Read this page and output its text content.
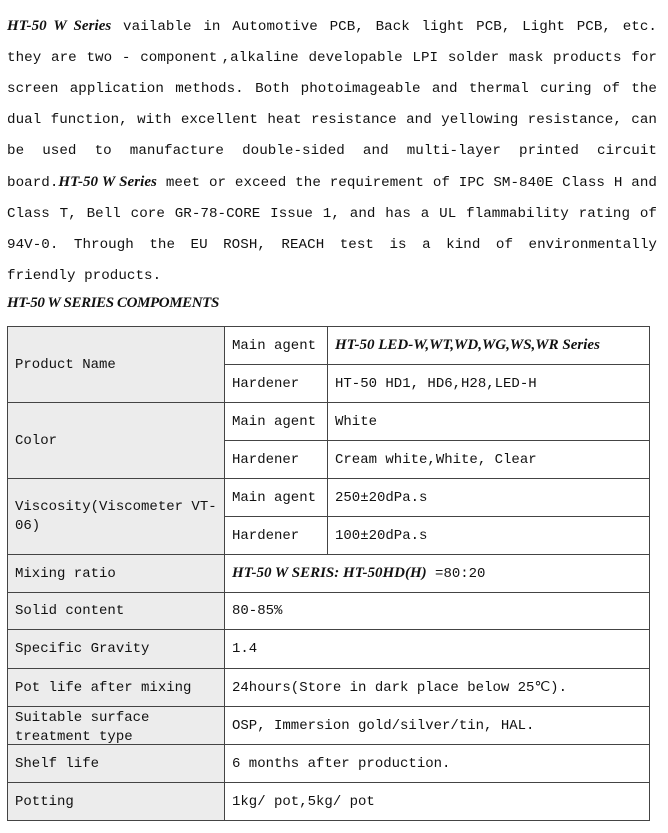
HT-50 W Series vailable in Automotive PCB, Back light PCB, Light PCB, etc. they are two - component ,alkaline developable LPI solder mask products for screen application methods. Both photoimageable and thermal curing of the dual function, with excellent heat resistance and yellowing resistance, can be used to manufacture double-sided and multi-layer printed circuit board.HT-50 W Series meet or exceed the requirement of IPC SM-840E Class H and Class T, Bell core GR-78-CORE Issue 1, and has a UL flammability rating of 94V-0. Through the EU ROSH, REACH test is a kind of environmentally friendly products.

HT-50 W SERIES COMPOMENTS
Product Name	Main agent	HT-50 LED-W,WT,WD,WG,WS,WR Series
	Hardener	HT-50 HD1, HD6,H28,LED-H
Color	Main agent	White
	Hardener	Cream white,White, Clear
Viscosity(Viscometer VT-06)	Main agent	250±20dPa.s
	Hardener	100±20dPa.s
Mixing ratio	HT-50 W SERIS: HT-50HD(H) =80:20	
Solid content	80-85%	
Specific Gravity	1.4	
Pot life after mixing	24hours(Store in dark place below 25℃).	

Suitable surface treatment type	OSP, Immersion gold/silver/tin, HAL.	
Shelf life	6 months after production.	
Potting	1kg/ pot,5kg/ pot	
